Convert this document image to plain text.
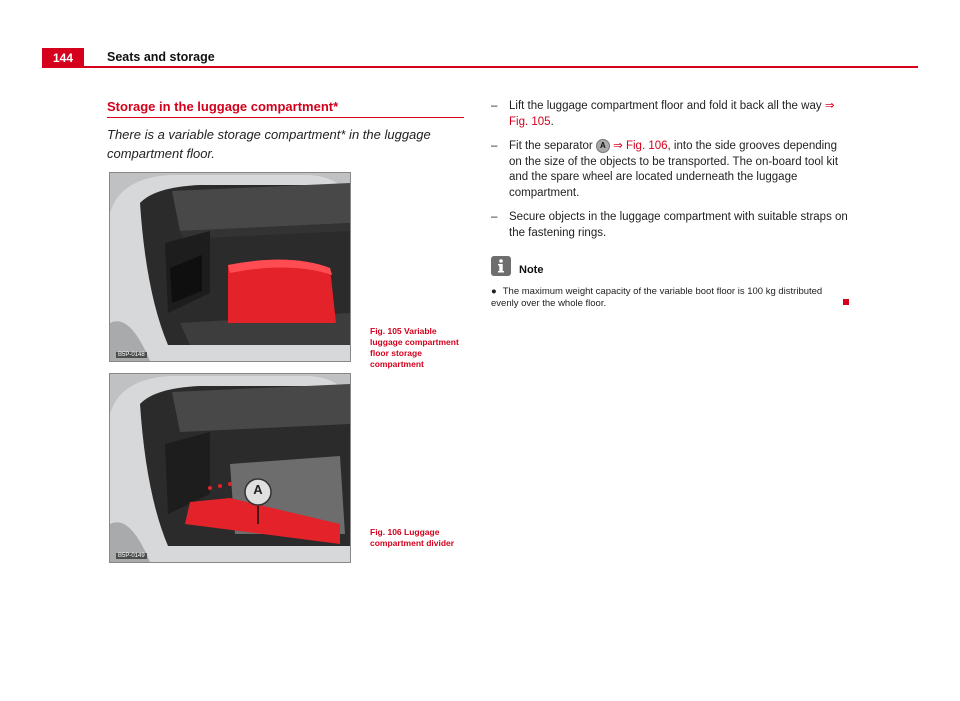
144	Seats and storage
Storage in the luggage compartment*
There is a variable storage compartment* in the luggage compartment floor.
B5P-0148
Fig. 105 Variable luggage compartment floor storage compartment
A
B5P-0149
Fig. 106 Luggage compartment divider
– Lift the luggage compartment floor and fold it back all the way ⇒ Fig. 105.
– Fit the separator A ⇒ Fig. 106, into the side grooves depending on the size of the objects to be transported. The on-board tool kit and the spare wheel are located underneath the luggage compartment.
– Secure objects in the luggage compartment with suitable straps on the fastening rings.
Note
● The maximum weight capacity of the variable boot floor is 100 kg distributed evenly over the whole floor.
